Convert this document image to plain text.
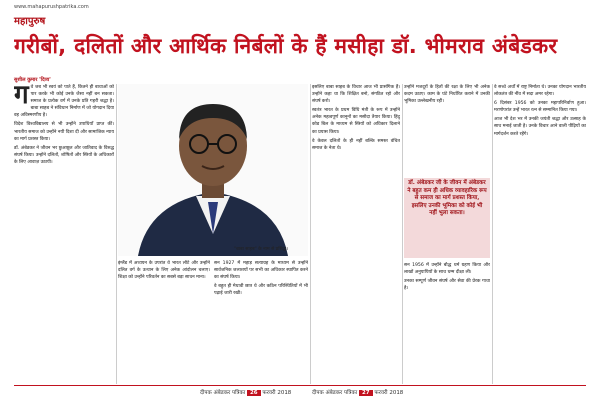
www.mahapurushpatrika.com
महापुरुष
गरीबों, दलितों और आर्थिक निर्बलों के हैं मसीहा डॉ. भीमराव अंबेडकर
सुशील कुमार 'दिव्य'
ग वे जब भी स्वयं को पाते हैं, कितने ही बाधाओं को पार करके भी कोई उनके जैसा नहीं बन सकता। समाज के प्रत्येक वर्ग में उनके प्रति गहरी श्रद्धा है। बाबा साहब ने संविधान निर्माण में जो योगदान दिया वह अविस्मरणीय है।

विदेश विश्वविद्यालय से भी उन्होंने उपाधियाँ प्राप्त कीं। भारतीय समाज को उन्होंने नयी दिशा दी और सामाजिक न्याय का मार्ग प्रशस्त किया।

डॉ. अंबेडकर ने जीवन भर छुआछूत और जातिवाद के विरुद्ध संघर्ष किया। उन्होंने दलितों, शोषितों और स्त्रियों के अधिकारों के लिए आवाज़ उठायी।

इंग्लैंड में अध्ययन के उपरांत वे भारत लौटे और उन्होंने दलित वर्ग के उत्थान के लिए अनेक आंदोलन चलाए। शिक्षा को उन्होंने परिवर्तन का सबसे बड़ा साधन माना।

"बाबा साहब" के नाम से प्रसिद्ध।

सन 1927 में महाड़ सत्याग्रह के माध्यम से उन्होंने सार्वजनिक जलाशयों पर सभी का अधिकार स्थापित करने का संघर्ष किया।

वे बहुत ही मेधावी छात्र थे और कठिन परिस्थितियों में भी पढ़ाई जारी रखी।

इसलिए बाबा साहब के विचार आज भी प्रासंगिक हैं। उन्होंने कहा था कि शिक्षित बनो, संगठित रहो और संघर्ष करो।

स्वतंत्र भारत के प्रथम विधि मंत्री के रूप में उन्होंने अनेक महत्वपूर्ण कानूनों का मसौदा तैयार किया। हिंदू कोड बिल के माध्यम से स्त्रियों को अधिकार दिलाने का प्रयास किया।

वे केवल दलितों के ही नहीं बल्कि समस्त वंचित समाज के नेता थे।

उन्होंने मजदूरों के हितों की रक्षा के लिए भी अनेक कदम उठाए। काम के घंटे निर्धारित कराने में उनकी भूमिका उल्लेखनीय रही।

डॉ. अंबेडकर जी के जीवन में अंबेडकर ने बहुत कम ही अधिक व्यावहारिक रूप से समाज का मार्ग प्रशस्त किया, इसलिए उनकी भूमिका को कोई भी नहीं भुला सकता।

सन 1956 में उन्होंने बौद्ध धर्म ग्रहण किया और लाखों अनुयायियों के साथ धम्म दीक्षा ली।

उनका सम्पूर्ण जीवन संघर्ष और सेवा की प्रेरक गाथा है।

वे सच्चे अर्थों में राष्ट्र निर्माता थे। उनका योगदान भारतीय लोकतंत्र की नींव में सदा अमर रहेगा।

6 दिसंबर 1956 को उनका महापरिनिर्वाण हुआ। मरणोपरांत उन्हें भारत रत्न से सम्मानित किया गया।

आज भी देश भर में उनकी जयंती श्रद्धा और उत्साह के साथ मनाई जाती है। उनके विचार आने वाली पीढ़ियों का मार्गदर्शन करते रहेंगे।

दीपक अंबेडकर पत्रिका 26 फरवरी 2018	दीपक अंबेडकर पत्रिका 27 फरवरी 2018
